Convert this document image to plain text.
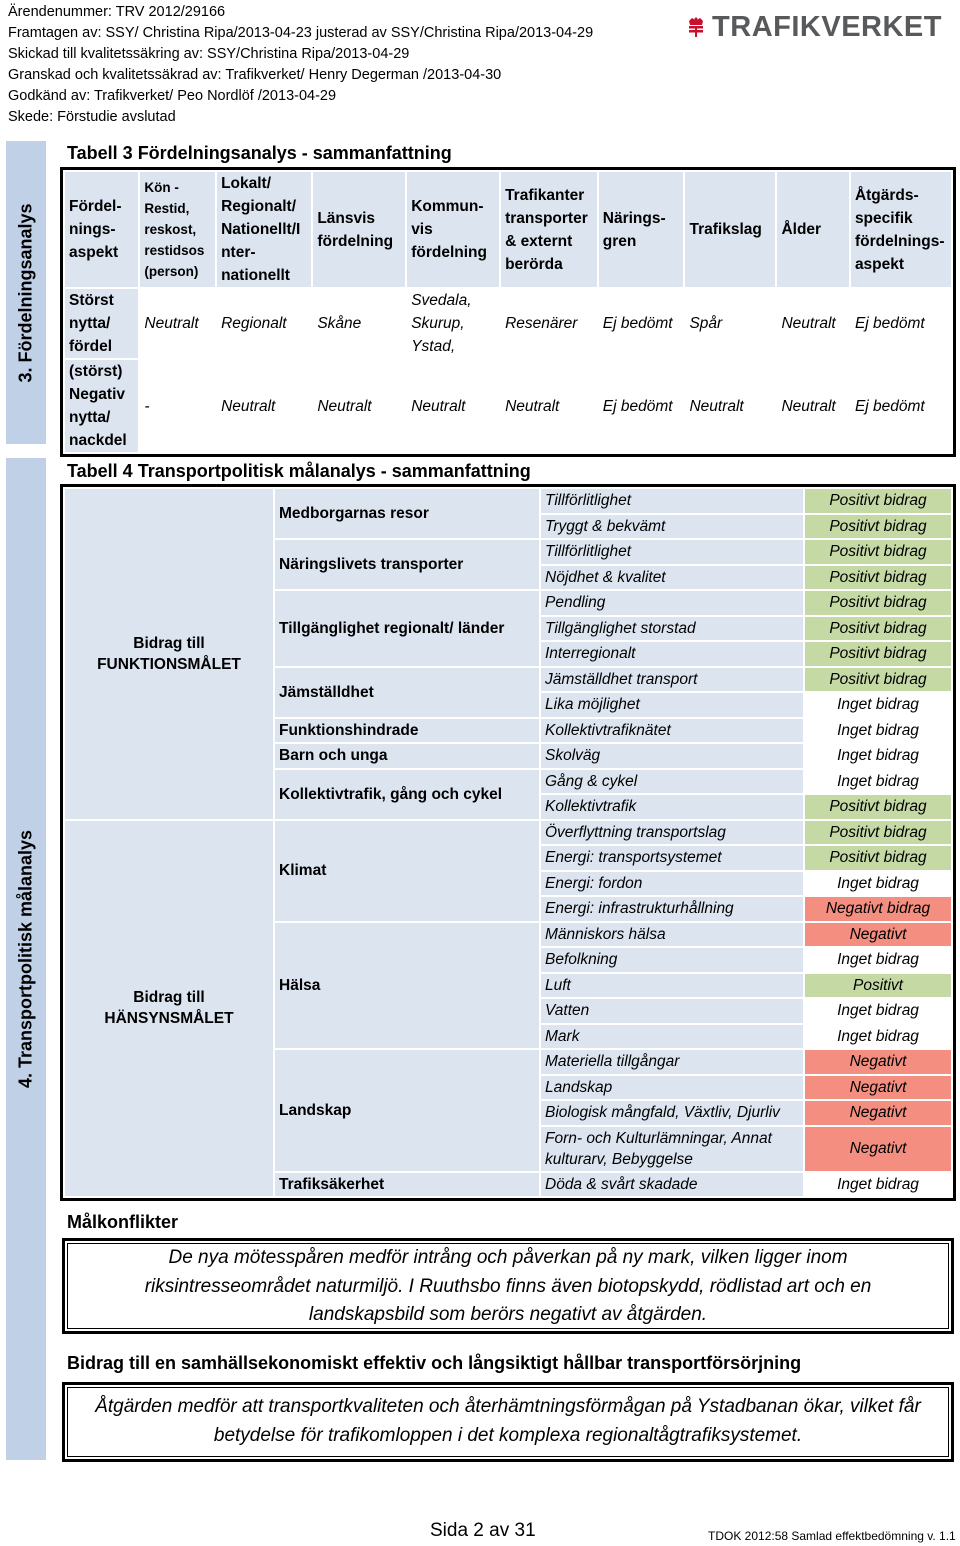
Ärendenummer: TRV 2012/29166
Framtagen av: SSY/ Christina Ripa/2013-04-23 justerad av SSY/Christina Ripa/2013-04-29
Skickad till kvalitetssäkring av: SSY/Christina Ripa/2013-04-29
Granskad och kvalitetssäkrad av: Trafikverket/ Henry Degerman /2013-04-30
Godkänd av: Trafikverket/ Peo Nordlöf /2013-04-29
Skede: Förstudie avslutad
TRAFIKVERKET
3. Fördelningsanalys
4. Transportpolitisk målanalys
Tabell 3 Fördelningsanalys - sammanfattning
Fördel-
nings-
aspekt	Kön -
Restid,
reskost,
restidsos
(person)	Lokalt/
Regionalt/
Nationellt/I
nter-
nationellt	Länsvis
fördelning	Kommun-
vis
fördelning	Trafikanter
transporter
& externt
berörda	Närings-
gren	Trafikslag	Ålder	Åtgärds-
specifik
fördelnings-
aspekt
Störst
nytta/
fördel	Neutralt	Regionalt	Skåne	Svedala,
Skurup,
Ystad,	Resenärer	Ej bedömt	Spår	Neutralt	Ej bedömt
(störst)
Negativ
nytta/
nackdel	-	Neutralt	Neutralt	Neutralt	Neutralt	Ej bedömt	Neutralt	Neutralt	Ej bedömt
Tabell 4 Transportpolitisk målanalys - sammanfattning
Bidrag till
FUNKTIONSMÅLET	Medborgarnas resor	Tillförlitlighet	Positivt bidrag
		Tryggt & bekvämt	Positivt bidrag
	Näringslivets transporter	Tillförlitlighet	Positivt bidrag
		Nöjdhet & kvalitet	Positivt bidrag
	Tillgänglighet regionalt/ länder	Pendling	Positivt bidrag
		Tillgänglighet storstad	Positivt bidrag
		Interregionalt	Positivt bidrag
	Jämställdhet	Jämställdhet transport	Positivt bidrag
		Lika möjlighet	Inget bidrag
	Funktionshindrade	Kollektivtrafiknätet	Inget bidrag
	Barn och unga	Skolväg	Inget bidrag
	Kollektivtrafik, gång och cykel	Gång & cykel	Inget bidrag
		Kollektivtrafik	Positivt bidrag
Bidrag till
HÄNSYNSMÅLET	Klimat	Överflyttning transportslag	Positivt bidrag
		Energi: transportsystemet	Positivt bidrag
		Energi: fordon	Inget bidrag
		Energi: infrastrukturhållning	Negativt bidrag
	Hälsa	Människors hälsa	Negativt
		Befolkning	Inget bidrag
		Luft	Positivt
		Vatten	Inget bidrag
		Mark	Inget bidrag
	Landskap	Materiella tillgångar	Negativt
		Landskap	Negativt
		Biologisk mångfald, Växtliv, Djurliv	Negativt
		Forn- och Kulturlämningar, Annat
kulturarv, Bebyggelse	Negativt
	Trafiksäkerhet	Döda & svårt skadade	Inget bidrag
Målkonflikter
De nya mötesspåren medför intrång och påverkan på ny mark, vilken ligger inom riksintresseområdet naturmiljö. I Ruuthsbo finns även biotopskydd, rödlistad art och en landskapsbild som berörs negativt av åtgärden.
Bidrag till en samhällsekonomiskt effektiv och långsiktigt hållbar transportförsörjning
Åtgärden medför att transportkvaliteten och återhämtningsförmågan på Ystadbanan ökar, vilket får betydelse för trafikomloppen i det komplexa regionaltågtrafiksystemet.
Sida 2 av 31	TDOK 2012:58 Samlad effektbedömning v. 1.1
